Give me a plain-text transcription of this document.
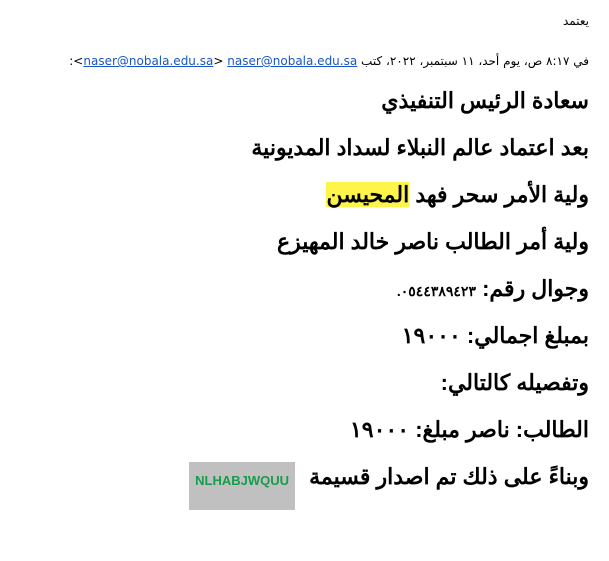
يعتمد
في ٨:١٧ ص، يوم أحد، ١١ سبتمبر، ٢٠٢٢، كتب naser@nobala.edu.sa <naser@nobala.edu.sa>:
سعادة الرئيس التنفيذي
بعد اعتماد عالم النبلاء لسداد المديونية
ولية الأمر سحر فهد المحيسن
ولية أمر الطالب ناصر خالد المهيزع
وجوال رقم: ٠٥٤٤٣٨٩٤٢٣.
بمبلغ اجمالي: ١٩٠٠٠
وتفصيله كالتالي:
الطالب: ناصر مبلغ: ١٩٠٠٠
وبناءً على ذلك تم اصدار قسيمةNLHABJWQUU
